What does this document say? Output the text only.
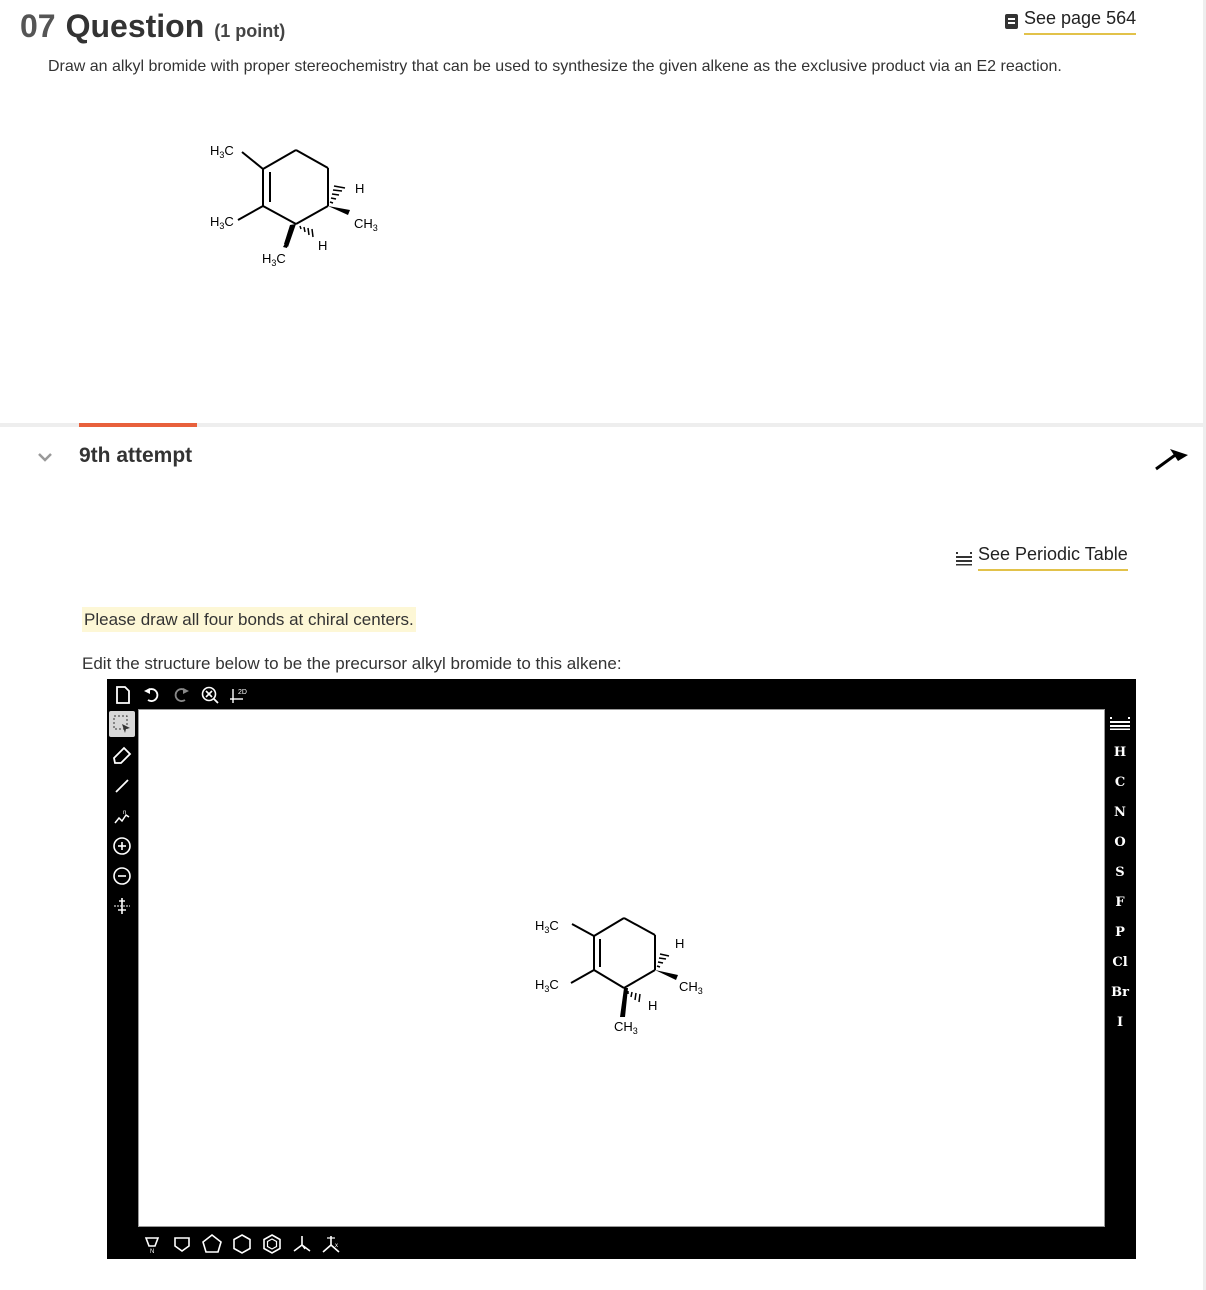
07 Question (1 point)
See page 564
Draw an alkyl bromide with proper stereochemistry that can be used to synthesize the given alkene as the exclusive product via an E2 reaction.
$H_3C$
$H_3C$
$H_3C$
$CH_3$
H
H
9th attempt
See Periodic Table
Please draw all four bonds at chiral centers.
Edit the structure below to be the precursor alkyl bromide to this alkene:
2D
n
H
C
N
O
S
F
P
Cl
Br
I
$H_3C$
$H_3C$
$CH_3$
$CH_3$
H
H
N
x
